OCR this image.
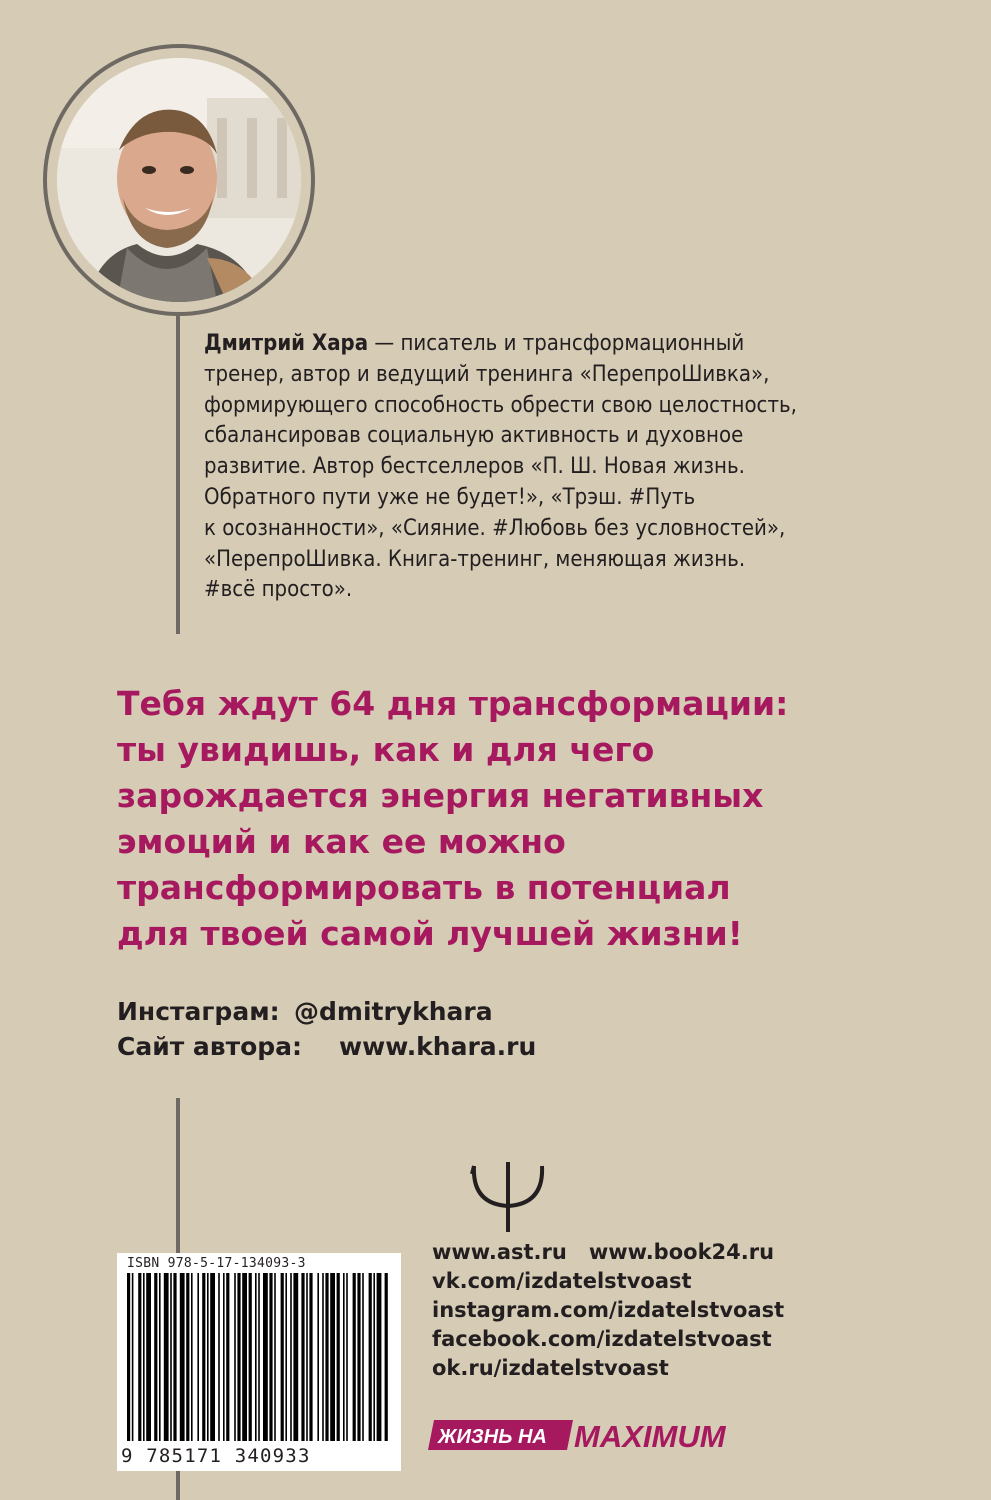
Дмитрий Хара — писатель и трансформационный
тренер, автор и ведущий тренинга «ПерепроШивка»,
формирующего способность обрести свою целостность,
сбалансировав социальную активность и духовное
развитие. Автор бестселлеров «П. Ш. Новая жизнь.
Обратного пути уже не будет!», «Трэш. #Путь
к осознанности», «Сияние. #Любовь без условностей»,
«ПерепроШивка. Книга-тренинг, меняющая жизнь.
#всё просто».
Тебя ждут 64 дня трансформации:
ты увидишь, как и для чего
зарождается энергия негативных
эмоций и как ее можно
трансформировать в потенциал
для твоей самой лучшей жизни!
Инстаграм: @dmitrykhara
Сайт автора: www.khara.ru
www.ast.ru www.book24.ru
vk.com/izdatelstvoast
instagram.com/izdatelstvoast
facebook.com/izdatelstvoast
ok.ru/izdatelstvoast
ISBN 978-5-17-134093-3
9 785171 340933
ЖИЗНЬ НА MAXIMUM
